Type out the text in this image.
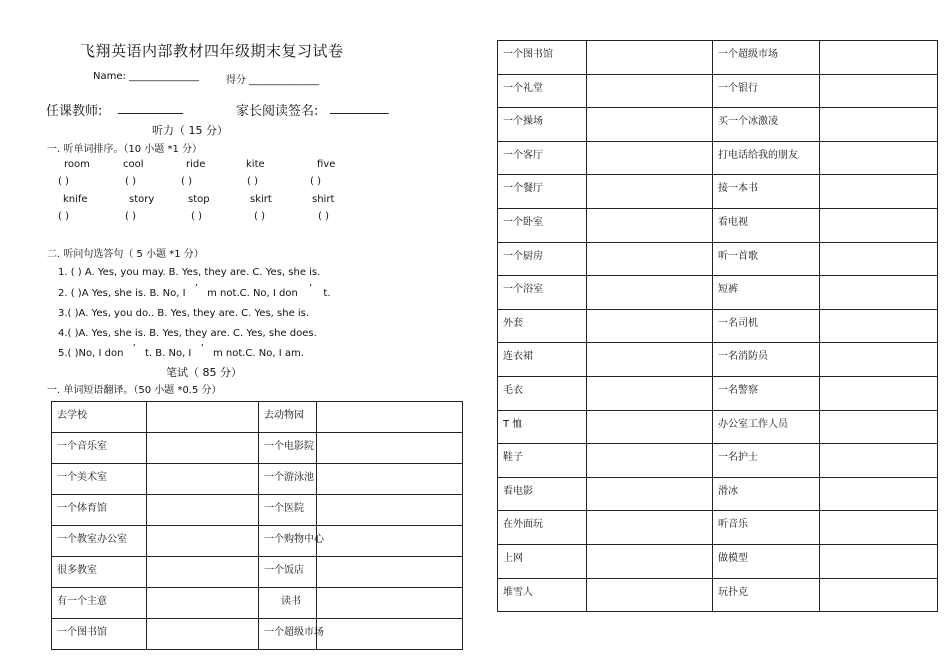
飞翔英语内部教材四年级期末复习试卷
Name: ______________	得分 ______________
任课教师: __________	家长阅读签名: _________
听力（ 15 分）
一. 听单词排序。（10 小题 *1 分）
room	cool	ride	kite	five
( )	( )	( )	( )	( )
knife	story	stop	skirt	shirt
( )	( )	( )	( )	( )
二. 听问句选答句（ 5 小题 *1 分）
1. ( ) A. Yes, you may. B. Yes, they are. C. Yes, she is.
2. ( )A Yes, she is. B. No, I ’ m not.C. No, I don ’ t.
3.( )A. Yes, you do.. B. Yes, they are. C. Yes, she is.
4.( )A. Yes, she is. B. Yes, they are. C. Yes, she does.
5.( )No, I don ’ t. B. No, I ’ m not.C. No, I am.
笔试（ 85 分）
一. 单词短语翻译。（50 小题 *0.5 分）
去学校		去动物园	
一个音乐室		一个电影院	
一个美术室		一个游泳池	
一个体育馆		一个医院	
一个教室办公室		一个购物中心	
很多教室		一个饭店	
有一个主意		读书	
一个图书馆		一个超级市场	
一个图书馆		一个超级市场	
一个礼堂		一个银行	
一个操场		买一个冰激凌	
一个客厅		打电话给我的朋友	
一个餐厅		接一本书	
一个卧室		看电视	
一个厨房		听一首歌	
一个浴室		短裤	
外套		一名司机	
连衣裙		一名消防员	
毛衣		一名警察	
T 恤		办公室工作人员	
鞋子		一名护士	
看电影		滑冰	
在外面玩		听音乐	
上网		做模型	
堆雪人		玩扑克	
